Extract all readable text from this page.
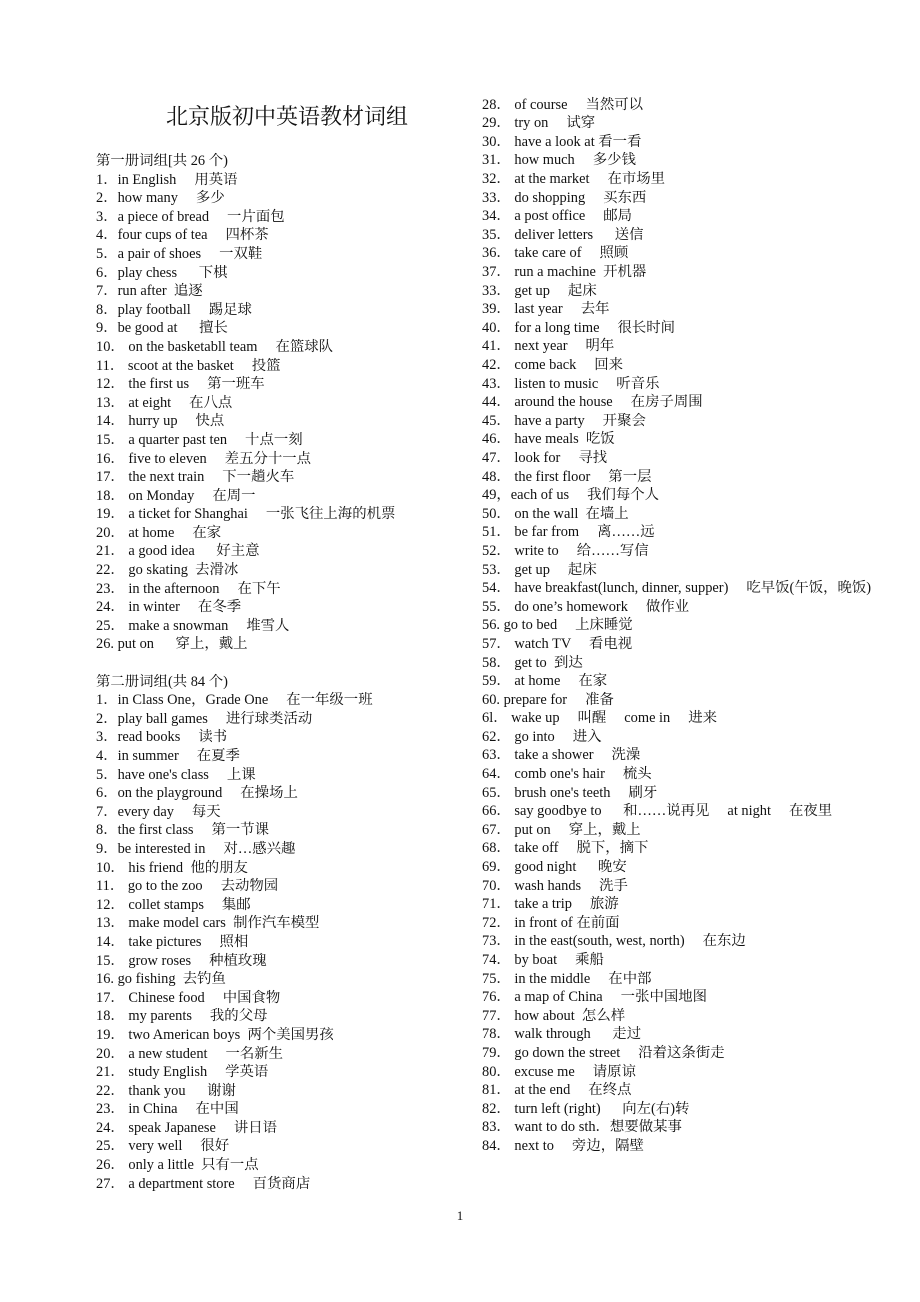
北京版初中英语教材词组
第一册词组[共 26 个)
1．in English 　用英语
2．how many 　多少
3．a piece of bread 　一片面包
4．four cups of tea 　四杯茶
5．a pair of shoes 　一双鞋
6．play chess 　 下棋
7．run after  追逐
8．play football 　踢足球
9．be good at 　 擅长
10． on the basketabll team 　在篮球队
11． scoot at the basket 　投篮
12． the first us 　第一班车
13． at eight 　在八点
14． hurry up 　快点
15． a quarter past ten 　十点一刻
16． five to eleven 　差五分十一点
17． the next train 　下一趟火车
18． on Monday 　在周一
19． a ticket for Shanghai 　一张飞往上海的机票
20． at home 　在家
21． a good idea 　 好主意
22． go skating  去滑冰
23． in the afternoon 　在下午
24． in winter 　在冬季
25． make a snowman 　堆雪人
26. put on 　 穿上，戴上
第二册词组(共 84 个)
1．in Class One，Grade One 　在一年级一班
2．play ball games 　进行球类活动
3．read books 　读书
4．in summer 　在夏季
5．have one's class 　上课
6．on the playground 　在操场上
7．every day 　每天
8．the first class 　第一节课
9．be interested in 　对…感兴趣
10． his friend  他的朋友
11． go to the zoo 　去动物园
12． collet stamps 　集邮
13． make model cars  制作汽车模型
14． take pictures 　照相
15． grow roses 　种植玫瑰
16. go fishing  去钓鱼
17． Chinese food 　中国食物
18． my parents 　我的父母
19． two American boys  两个美国男孩
20． a new student 　一名新生
21． study English 　学英语
22． thank you 　 谢谢
23． in China 　在中国
24． speak Japanese 　讲日语
25． very well 　很好
26． only a little  只有一点
27． a department store 　百货商店
28． of course 　当然可以
29． try on 　试穿
30． have a look at 看一看
31． how much 　多少钱
32． at the market 　在市场里
33． do shopping 　买东西
34． a post office 　邮局
35． deliver letters 　 送信
36． take care of 　照顾
37． run a machine  开机器
33． get up 　起床
39． last year 　去年
40． for a long time 　很长时间
41． next year 　明年
42． come back 　回来
43． listen to music 　听音乐
44． around the house 　在房子周围
45． have a party 　开聚会
46． have meals  吃饭
47． look for 　寻找
48． the first floor 　第一层
49，each of us 　我们每个人
50． on the wall  在墙上
51． be far from 　离……远
52． write to 　给……写信
53． get up 　起床
54． have breakfast(lunch, dinner, supper) 　吃早饭(午饭，晚饭)
55． do one’s homework 　做作业
56. go to bed 　上床睡觉
57． watch TV 　看电视
58． get to  到达
59． at home 　在家
60. prepare for 　准备
6l． wake up 　叫醒 　come in 　进来
62． go into 　进入
63． take a shower 　洗澡
64． comb one's hair 　梳头
65． brush one's teeth 　刷牙
66． say goodbye to 　 和……说再见 　at night 　在夜里
67． put on 　穿上，戴上
68． take off 　脱下，摘下
69． good night 　 晚安
70． wash hands 　洗手
71． take a trip 　旅游
72． in front of 在前面
73． in the east(south, west, north) 　在东边
74． by boat 　乘船
75． in the middle 　在中部
76． a map of China 　一张中国地图
77． how about  怎么样
78． walk through 　 走过
79． go down the street 　沿着这条街走
80． excuse me 　请原谅
81． at the end 　在终点
82． turn left (right) 　 向左(右)转
83． want to do sth．想要做某事
84． next to 　旁边，隔壁
1
